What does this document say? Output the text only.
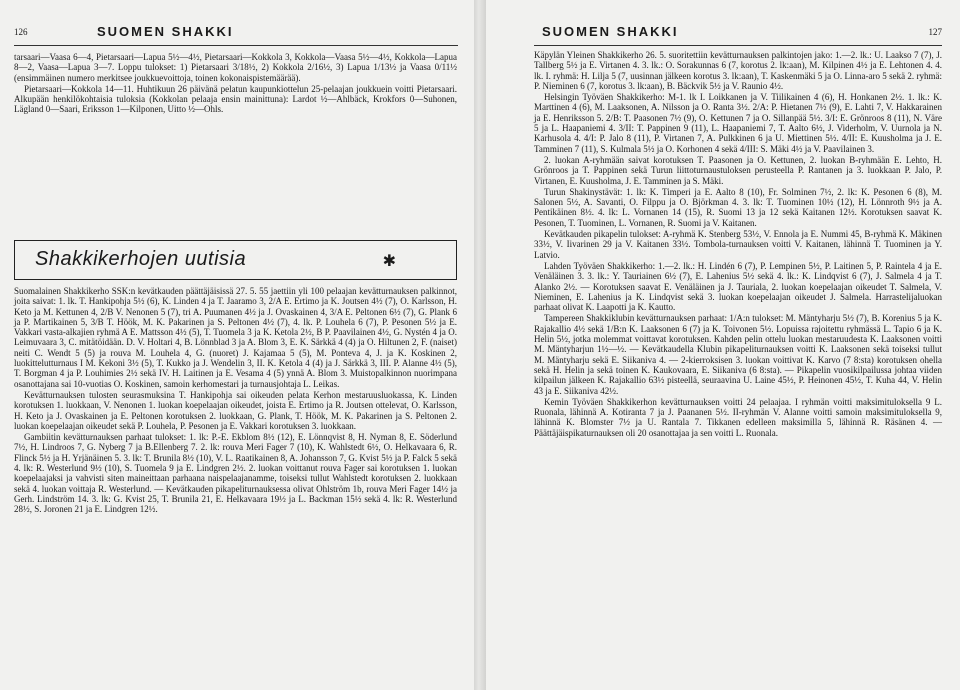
126	SUOMEN SHAKKI

tarsaari—Vaasa 6—4, Pietarsaari—Lapua 5½—4½, Pietarsaari—Kokkola 3, Kokkola—Vaasa 5½—4½, Kokkola—Lapua 8—2, Vaasa—Lapua 3—7. Loppu tulokset: 1) Pietarsaari 3/18½, 2) Kokkola 2/16½, 3) Lapua 1/13½ ja Vaasa 0/11½ (ensimmäinen numero merkitsee joukkuevoittoja, toinen kokonaispistemäärää).

Pietarsaari—Kokkola 14—11. Huhtikuun 26 päivänä pelatun kaupunkiottelun 25-pelaajan joukkuein voitti Pietarsaari. Alkupään henkilökohtaisia tuloksia (Kokkolan pelaaja ensin mainittuna): Lardot ½—Ahlbäck, Krokfors 0—Suhonen, Lägland 0—Saari, Eriksson 1—Kilponen, Uitto ½—Ohls.

Shakkikerhojen uutisia	✱

Suomalainen Shakkikerho SSK:n kevätkauden päättäjäisissä 27. 5. 55 jaettiin yli 100 pelaajan kevätturnauksen palkinnot, joita saivat: 1. lk. T. Hankipohja 5½ (6), K. Linden 4 ja T. Jaaramo 3, 2/A E. Ertimo ja K. Joutsen 4½ (7), O. Karlsson, H. Keto ja M. Kettunen 4, 2/B V. Nenonen 5 (7), tri A. Puumanen 4½ ja J. Ovaskainen 4, 3/A E. Peltonen 6½ (7), G. Plank 6 ja P. Martikainen 5, 3/B T. Höök, M. K. Pakarinen ja S. Peltonen 4½ (7), 4. lk. P. Louhela 6 (7), P. Pesonen 5½ ja E. Vakkari vasta-alkajien ryhmä A E. Mattsson 4½ (5), T. Tuomela 3 ja K. Ketola 2½, B P. Paavilainen 4½, G. Nystén 4 ja O. Leimuvaara 3, C. mitätöidään. D. V. Holtari 4, B. Lönnblad 3 ja A. Blom 3, E. K. Särkkä 4 (4) ja O. Hiltunen 2, F. (naiset) neiti C. Wendt 5 (5) ja rouva M. Louhela 4, G. (nuoret) J. Kajamaa 5 (5), M. Ponteva 4, J. ja K. Koskinen 2, luokittelutturnaus I M. Kekoni 3½ (5), T. Kukko ja J. Wendelin 3, II. K. Ketola 4 (4) ja J. Särkkä 3, III. P. Alanne 4½ (5), T. Borgman 4 ja P. Louhimies 2½ sekä IV. H. Laitinen ja E. Vesama 4 (5) ynnä A. Blom 3. Muistopalkinnon nuorimpana osanottajana sai 10-vuotias O. Koskinen, samoin kerhomestari ja turnausjohtaja L. Leikas.

Kevätturnauksen tulosten seurasmuksina T. Hankipohja sai oikeuden pelata Kerhon mestaruusluokassa, K. Linden korotuksen 1. luokkaan, V. Nenonen 1. luokan koepelaajan oikeudet, joista E. Ertimo ja R. Joutsen ottelevat, O. Karlsson, H. Keto ja J. Ovaskainen ja E. Peltonen korotuksen 2. luokkaan, G. Plank, T. Höök, M. K. Pakarinen ja S. Peltonen 2. luokan koepelaajan oikeudet sekä P. Louhela, P. Pesonen ja E. Vakkari korotuksen 3. luokkaan.

Gambiitin kevätturnauksen parhaat tulokset: 1. lk: P.-E. Ekblom 8½ (12), E. Lönnqvist 8, H. Nyman 8, E. Söderlund 7½, H. Lindroos 7, G. Nyberg 7 ja B.Ellenberg 7. 2. lk: rouva Meri Fager 7 (10), K. Wahlstedt 6½, O. Helkavaara 6, R. Flinck 5½ ja H. Yrjänäinen 5. 3. lk: T. Brunila 8½ (10), V. L. Raatikainen 8, A. Johansson 7, G. Kvist 5½ ja P. Falck 5 sekä 4. lk: R. Westerlund 9½ (10), S. Tuomela 9 ja E. Lindgren 2½. 2. luokan voittanut rouva Fager sai korotuksen 1. luokan koepelaajaksi ja vahvisti siten maineittaan parhaana naispelaajanamme, toiseksi tullut Wahlstedt korotuksen 2. luokkaan sekä 4. luokan voittaja R. Westerlund. — Kevätkauden pikapeliturnauksessa olivat Ohlström 1b, rouva Meri Fager 14½ ja Gerh. Lindström 14. 3. lk: G. Kvist 25, T. Brunila 21, E. Helkavaara 19½ ja L. Backman 15½ sekä 4. lk: R. Westerlund 28½, S. Joronen 21 ja E. Lindgren 12½.

SUOMEN SHAKKI	127

Käpylän Yleinen Shakkikerho 26. 5. suoritettiin kevätturnauksen palkintojen jako: 1.—2. lk.: U. Laakso 7 (7), J. Tallberg 5½ ja E. Virtanen 4. 3. lk.: O. Sorakunnas 6 (7, korotus 2. lk:aan), M. Kilpinen 4½ ja E. Lehtonen 4. 4. lk. I. ryhmä: H. Lilja 5 (7, uusinnan jälkeen korotus 3. lk:aan), T. Kaskenmäki 5 ja O. Linna-aro 5 sekä 2. ryhmä: P. Nieminen 6 (7, korotus 3. lk:aan), B. Bäckvik 5½ ja V. Raunio 4½.

Helsingin Työväen Shakkikerho: M-1. lk I. Loikkanen ja V. Tiilikainen 4 (6), H. Honkanen 2½. 1. lk.: K. Marttinen 4 (6), M. Laaksonen, A. Nilsson ja O. Ranta 3½. 2/A: P. Hietanen 7½ (9), E. Lahti 7, V. Hakkarainen ja E. Henriksson 5. 2/B: T. Paasonen 7½ (9), O. Kettunen 7 ja O. Sillanpää 5½. 3/I: E. Grönroos 8 (11), N. Väre 5 ja L. Haapaniemi 4. 3/II: T. Pappinen 9 (11), L. Haapaniemi 7, T. Aalto 6½, J. Viderholm, V. Uurnola ja N. Karhusola 4. 4/I: P. Jalo 8 (11), P. Virtanen 7, A. Pulkkinen 6 ja U. Miettinen 5½. 4/II: E. Kuusholma ja J. E. Tamminen 7 (11), S. Kulmala 5½ ja O. Korhonen 4 sekä 4/III: S. Mäki 4½ ja V. Paavilainen 3.

2. luokan A-ryhmään saivat korotuksen T. Paasonen ja O. Kettunen, 2. luokan B-ryhmään E. Lehto, H. Grönroos ja T. Pappinen sekä Turun liittoturnaustuloksen perusteella P. Rantanen ja 3. luokkaan P. Jalo, P. Virtanen, E. Kuusholma, J. E. Tamminen ja S. Mäki.

Turun Shakinystävät: 1. lk: K. Timperi ja E. Aalto 8 (10), Fr. Solminen 7½, 2. lk: K. Pesonen 6 (8), M. Salonen 5½, A. Savanti, O. Filppu ja O. Björkman 4. 3. lk: T. Tuominen 10½ (12), H. Lönnroth 9½ ja A. Pentikäinen 8½. 4. lk: L. Vornanen 14 (15), R. Suomi 13 ja 12 sekä Kaitanen 12½. Korotuksen saavat K. Pesonen, T. Tuominen, L. Vornanen, R. Suomi ja V. Kaitanen.

Kevätkauden pikapelin tulokset: A-ryhmä K. Stenberg 53½, V. Ennola ja E. Nummi 45, B-ryhmä K. Mäkinen 33½, V. Iivarinen 29 ja V. Kaitanen 33½. Tombola-turnauksen voitti V. Kaitanen, lähinnä T. Tuominen ja Y. Latvio.

Lahden Työväen Shakkikerho: 1.—2. lk.: H. Lindén 6 (7), P. Lempinen 5½, P. Laitinen 5, P. Raintela 4 ja E. Venäläinen 3. 3. lk.: Y. Tauriainen 6½ (7), E. Lahenius 5½ sekä 4. lk.: K. Lindqvist 6 (7), J. Salmela 4 ja T. Alanko 2½. — Korotuksen saavat E. Venäläinen ja J. Tauriala, 2. luokan koepelaajan oikeudet T. Salmela, V. Nieminen, E. Lahenius ja K. Lindqvist sekä 3. luokan koepelaajan oikeudet J. Salmela. Harrastelijaluokan parhaat olivat K. Laapotti ja K. Kautto.

Tampereen Shakkiklubin kevätturnauksen parhaat: 1/A:n tulokset: M. Mäntyharju 5½ (7), B. Korenius 5 ja K. Rajakallio 4½ sekä 1/B:n K. Laaksonen 6 (7) ja K. Toivonen 5½. Lopuissa rajoitettu ryhmässä L. Tapio 6 ja K. Helin 5½, jotka molemmat voittavat korotuksen. Kahden pelin ottelu luokan mestaruudesta K. Laaksonen voitti M. Mäntyharjun 1½—½. — Kevätkaudella Klubin pikapeliturnauksen voitti K. Laaksonen sekä toiseksi tullut M. Mäntyharju sekä E. Siikaniva 4. — 2-kierroksisen 3. luokan voittivat K. Karvo (7 8:sta) korotuksen ohella sekä H. Helin ja sekä toinen K. Kaukovaara, E. Siikaniva (6 8:sta). — Pikapelin vuosikilpailussa johtaa viiden kilpailun jälkeen K. Rajakallio 63½ pisteellä, seuraavina U. Laine 45½, P. Heinonen 45½, T. Kuha 44, V. Helin 43 ja E. Siikaniva 42½.

Kemin Työväen Shakkikerhon kevätturnauksen voitti 24 pelaajaa. I ryhmän voitti maksimituloksella 9 L. Ruonala, lähinnä A. Kotiranta 7 ja J. Paananen 5½. II-ryhmän V. Alanne voitti samoin maksimituloksella 9, lähinnä K. Blomster 7½ ja U. Rantala 7. Tikkanen edelleen maksimilla 5, lähinnä R. Räsänen 4. — Päättäjäispikaturnauksen oli 20 osanottajaa ja sen voitti L. Ruonala.
